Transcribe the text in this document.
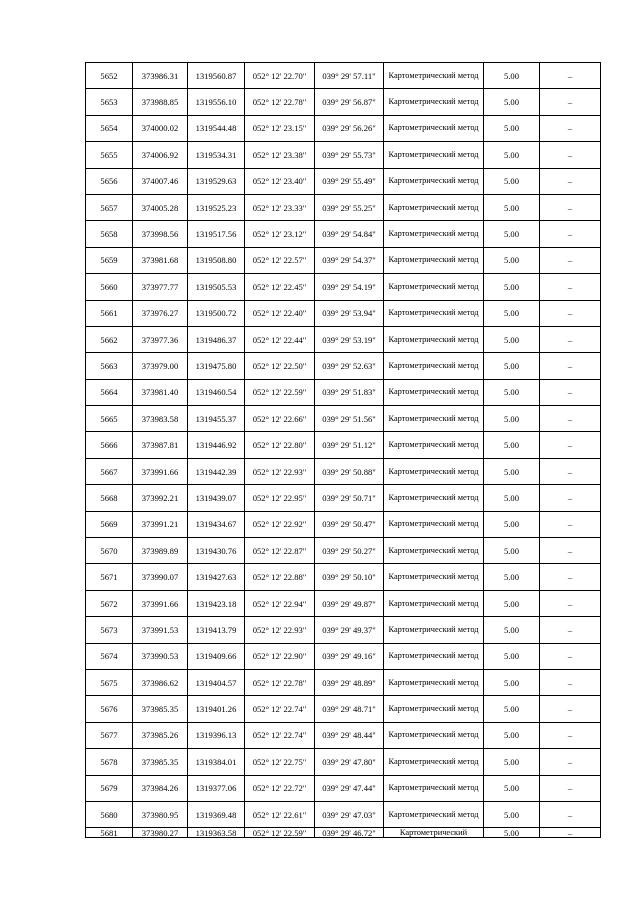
5652	373986.31	1319560.87	052° 12' 22.70"	039° 29' 57.11"	Картометрический метод	5.00	–
5653	373988.85	1319556.10	052° 12' 22.78"	039° 29' 56.87"	Картометрический метод	5.00	–
5654	374000.02	1319544.48	052° 12' 23.15"	039° 29' 56.26"	Картометрический метод	5.00	–
5655	374006.92	1319534.31	052° 12' 23.38"	039° 29' 55.73"	Картометрический метод	5.00	–
5656	374007.46	1319529.63	052° 12' 23.40"	039° 29' 55.49"	Картометрический метод	5.00	–
5657	374005.28	1319525.23	052° 12' 23.33"	039° 29' 55.25"	Картометрический метод	5.00	–
5658	373998.56	1319517.56	052° 12' 23.12"	039° 29' 54.84"	Картометрический метод	5.00	–
5659	373981.68	1319508.80	052° 12' 22.57"	039° 29' 54.37"	Картометрический метод	5.00	–
5660	373977.77	1319505.53	052° 12' 22.45"	039° 29' 54.19"	Картометрический метод	5.00	–
5661	373976.27	1319500.72	052° 12' 22.40"	039° 29' 53.94"	Картометрический метод	5.00	–
5662	373977.36	1319486.37	052° 12' 22.44"	039° 29' 53.19"	Картометрический метод	5.00	–
5663	373979.00	1319475.80	052° 12' 22.50"	039° 29' 52.63"	Картометрический метод	5.00	–
5664	373981.40	1319460.54	052° 12' 22.59"	039° 29' 51.83"	Картометрический метод	5.00	–
5665	373983.58	1319455.37	052° 12' 22.66"	039° 29' 51.56"	Картометрический метод	5.00	–
5666	373987.81	1319446.92	052° 12' 22.80"	039° 29' 51.12"	Картометрический метод	5.00	–
5667	373991.66	1319442.39	052° 12' 22.93"	039° 29' 50.88"	Картометрический метод	5.00	–
5668	373992.21	1319439.07	052° 12' 22.95"	039° 29' 50.71"	Картометрический метод	5.00	–
5669	373991.21	1319434.67	052° 12' 22.92"	039° 29' 50.47"	Картометрический метод	5.00	–
5670	373989.89	1319430.76	052° 12' 22.87"	039° 29' 50.27"	Картометрический метод	5.00	–
5671	373990.07	1319427.63	052° 12' 22.88"	039° 29' 50.10"	Картометрический метод	5.00	–
5672	373991.66	1319423.18	052° 12' 22.94"	039° 29' 49.87"	Картометрический метод	5.00	–
5673	373991.53	1319413.79	052° 12' 22.93"	039° 29' 49.37"	Картометрический метод	5.00	–
5674	373990.53	1319409.66	052° 12' 22.90"	039° 29' 49.16"	Картометрический метод	5.00	–
5675	373986.62	1319404.57	052° 12' 22.78"	039° 29' 48.89"	Картометрический метод	5.00	–
5676	373985.35	1319401.26	052° 12' 22.74"	039° 29' 48.71"	Картометрический метод	5.00	–
5677	373985.26	1319396.13	052° 12' 22.74"	039° 29' 48.44"	Картометрический метод	5.00	–
5678	373985.35	1319384.01	052° 12' 22.75"	039° 29' 47.80"	Картометрический метод	5.00	–
5679	373984.26	1319377.06	052° 12' 22.72"	039° 29' 47.44"	Картометрический метод	5.00	–
5680	373980.95	1319369.48	052° 12' 22.61"	039° 29' 47.03"	Картометрический метод	5.00	–
5681	373980.27	1319363.58	052° 12' 22.59"	039° 29' 46.72"	Картометрический	5.00	–
